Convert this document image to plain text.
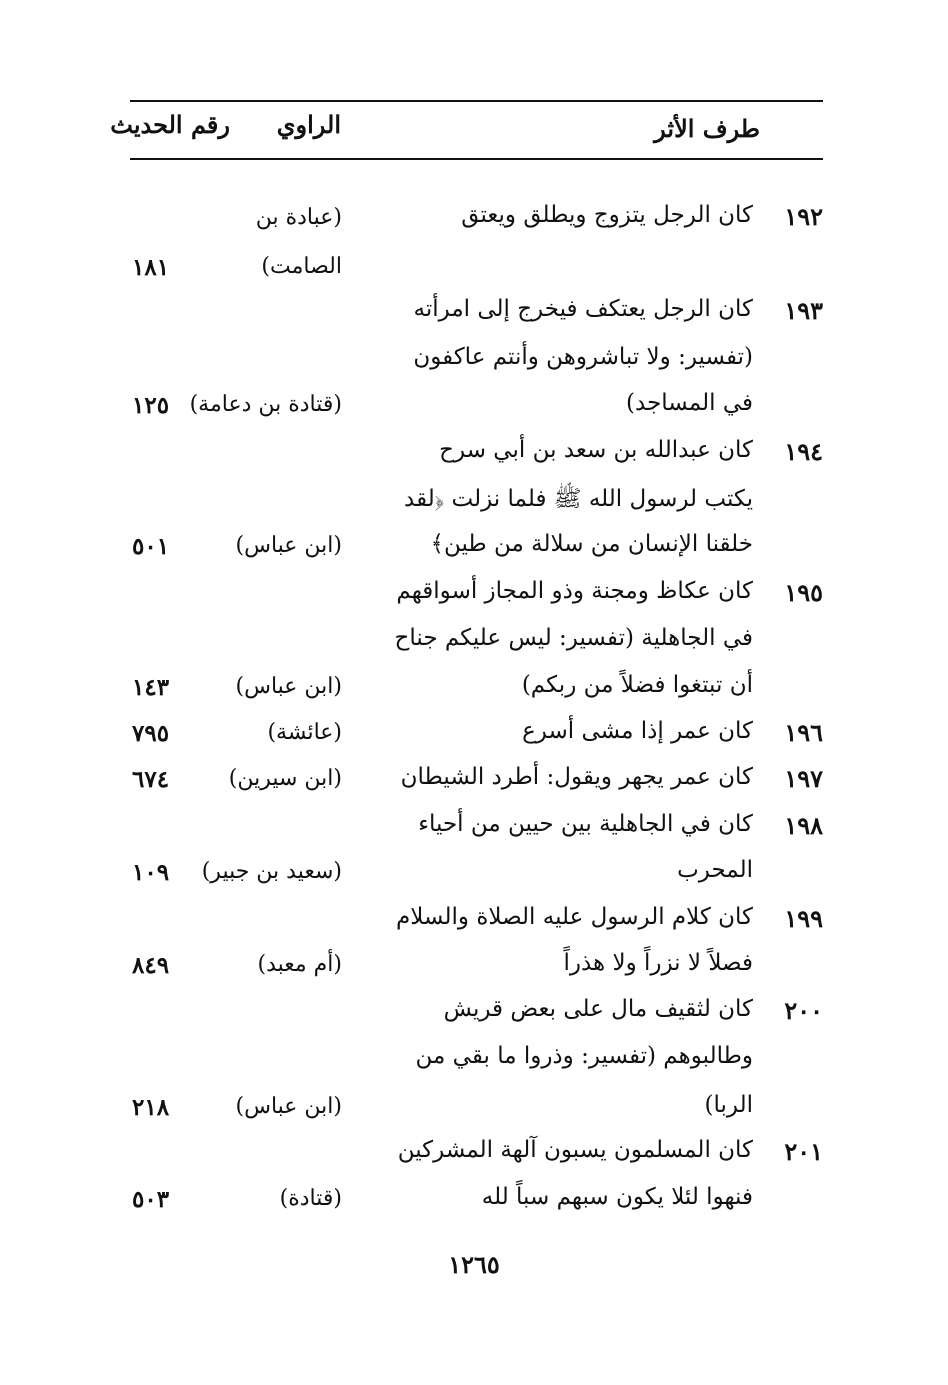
طرف الأثر
الراوي
رقم الحديث
١٩٢
كان الرجل يتزوج ويطلق ويعتق
(عبادة بن
الصامت)
١٨١
١٩٣
كان الرجل يعتكف فيخرج إلى امرأته
(تفسير: ولا تباشروهن وأنتم عاكفون
في المساجد)
(قتادة بن دعامة)
١٢٥
١٩٤
كان عبدالله بن سعد بن أبي سرح
يكتب لرسول الله ﷺ فلما نزلت ﴿لقد
خلقنا الإنسان من سلالة من طين﴾
(ابن عباس)
٥٠١
١٩٥
كان عكاظ ومجنة وذو المجاز أسواقهم
في الجاهلية (تفسير: ليس عليكم جناح
أن تبتغوا فضلاً من ربكم)
(ابن عباس)
١٤٣
١٩٦
كان عمر إذا مشى أسرع
(عائشة)
٧٩٥
١٩٧
كان عمر يجهر ويقول: أطرد الشيطان
(ابن سيرين)
٦٧٤
١٩٨
كان في الجاهلية بين حيين من أحياء
المحرب
(سعيد بن جبير)
١٠٩
١٩٩
كان كلام الرسول عليه الصلاة والسلام
فصلاً لا نزراً ولا هذراً
(أم معبد)
٨٤٩
٢٠٠
كان لثقيف مال على بعض قريش
وطالبوهم (تفسير: وذروا ما بقي من
الربا)
(ابن عباس)
٢١٨
٢٠١
كان المسلمون يسبون آلهة المشركين
فنهوا لئلا يكون سبهم سباً لله
(قتادة)
٥٠٣
١٢٦٥
